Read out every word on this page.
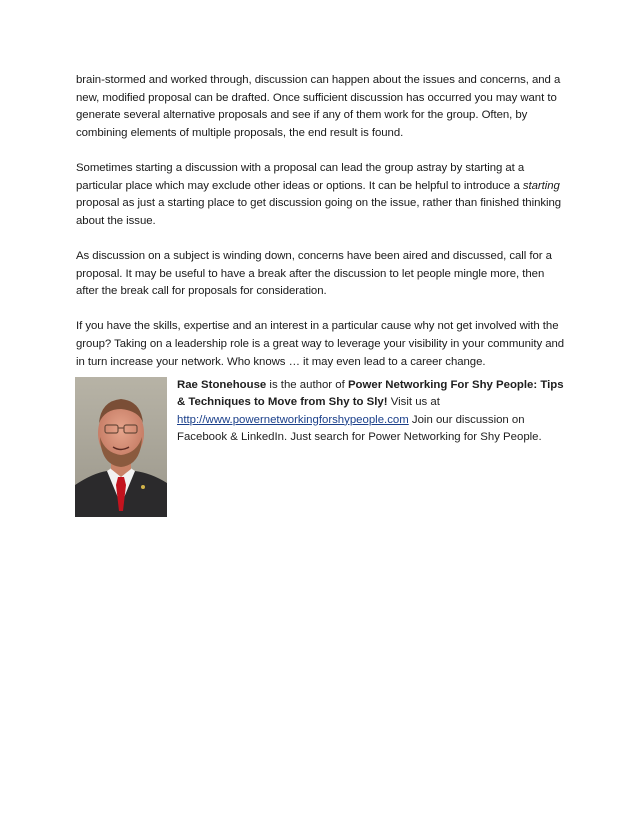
brain-stormed and worked through, discussion can happen about the issues and concerns, and a new, modified proposal can be drafted. Once sufficient discussion has occurred you may want to generate several alternative proposals and see if any of them work for the group. Often, by combining elements of multiple proposals, the end result is found.

Sometimes starting a discussion with a proposal can lead the group astray by starting at a particular place which may exclude other ideas or options. It can be helpful to introduce a starting proposal as just a starting place to get discussion going on the issue, rather than finished thinking about the issue.

As discussion on a subject is winding down, concerns have been aired and discussed, call for a proposal. It may be useful to have a break after the discussion to let people mingle more, then after the break call for proposals for consideration.

If you have the skills, expertise and an interest in a particular cause why not get involved with the group? Taking on a leadership role is a great way to leverage your visibility in your community and in turn increase your network. Who knows … it may even lead to a career change.

Rae Stonehouse is the author of Power Networking For Shy People: Tips & Techniques to Move from Shy to Sly! Visit us at http://www.powernetworkingforshypeople.com Join our discussion on Facebook & LinkedIn. Just search for Power Networking for Shy People.
